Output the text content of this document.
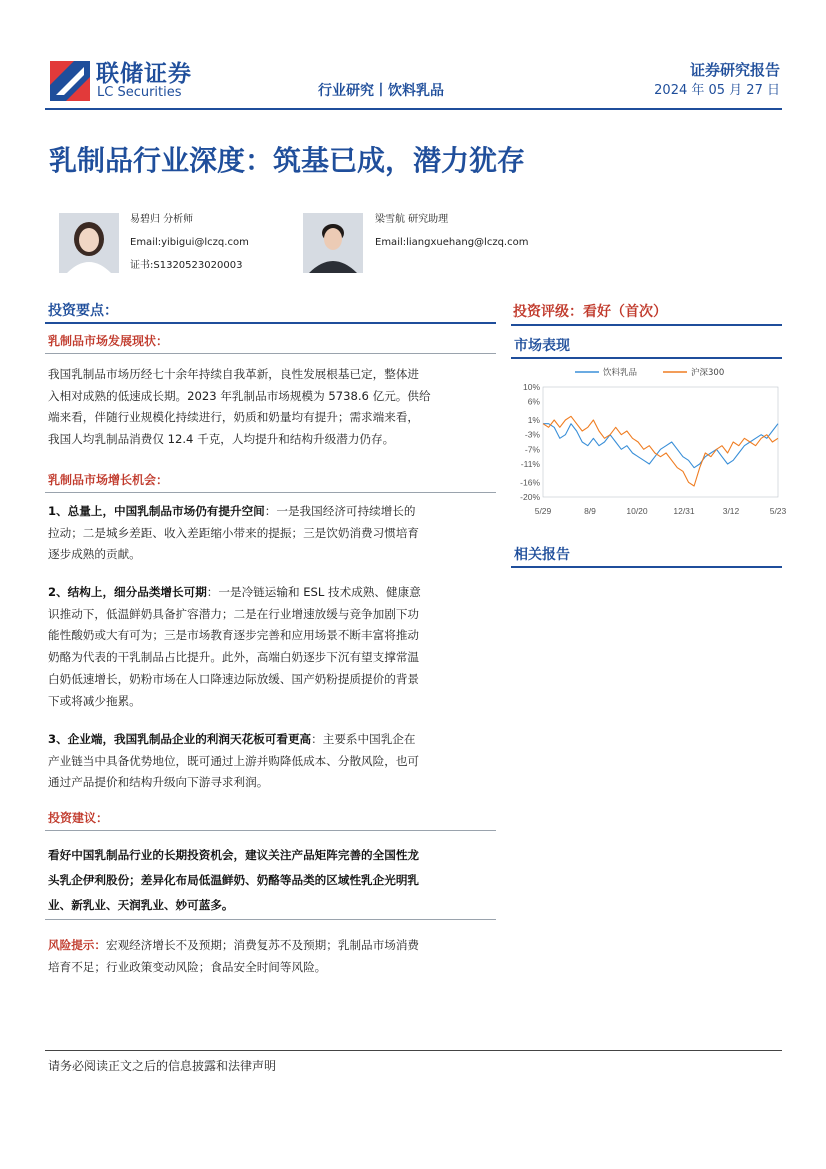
联储证券
LC Securities	行业研究丨饮料乳品
证券研究报告
2024 年 05 月 27 日
乳制品行业深度：筑基已成，潜力犹存
易碧归 分析师
Email:yibigui@lczq.com
证书:S1320523020003
梁雪航 研究助理
Email:liangxuehang@lczq.com
投资要点：
乳制品市场发展现状：
我国乳制品市场历经七十余年持续自我革新，良性发展根基已定，整体进
入相对成熟的低速成长期。2023 年乳制品市场规模为 5738.6 亿元。供给
端来看，伴随行业规模化持续进行，奶质和奶量均有提升；需求端来看，
我国人均乳制品消费仅 12.4 千克，人均提升和结构升级潜力仍存。
乳制品市场增长机会：
1、总量上，中国乳制品市场仍有提升空间：一是我国经济可持续增长的
拉动；二是城乡差距、收入差距缩小带来的提振；三是饮奶消费习惯培育
逐步成熟的贡献。
2、结构上，细分品类增长可期：一是冷链运输和 ESL 技术成熟、健康意
识推动下，低温鲜奶具备扩容潜力；二是在行业增速放缓与竞争加剧下功
能性酸奶或大有可为；三是市场教育逐步完善和应用场景不断丰富将推动
奶酪为代表的干乳制品占比提升。此外，高端白奶逐步下沉有望支撑常温
白奶低速增长，奶粉市场在人口降速边际放缓、国产奶粉提质提价的背景
下或将减少拖累。
3、企业端，我国乳制品企业的利润天花板可看更高：主要系中国乳企在
产业链当中具备优势地位，既可通过上游并购降低成本、分散风险，也可
通过产品提价和结构升级向下游寻求利润。
投资建议：
看好中国乳制品行业的长期投资机会，建议关注产品矩阵完善的全国性龙
头乳企伊利股份；差异化布局低温鲜奶、奶酪等品类的区域性乳企光明乳
业、新乳业、天润乳业、妙可蓝多。
风险提示：宏观经济增长不及预期；消费复苏不及预期；乳制品市场消费
培育不足；行业政策变动风险；食品安全时间等风险。
投资评级：看好（首次）
市场表现
10%
6%
1%
-3%
-7%
-11%
-16%
-20%
5/29	8/9	10/20	12/31	3/12	5/23
饮料乳品	沪深300
相关报告
请务必阅读正文之后的信息披露和法律声明
